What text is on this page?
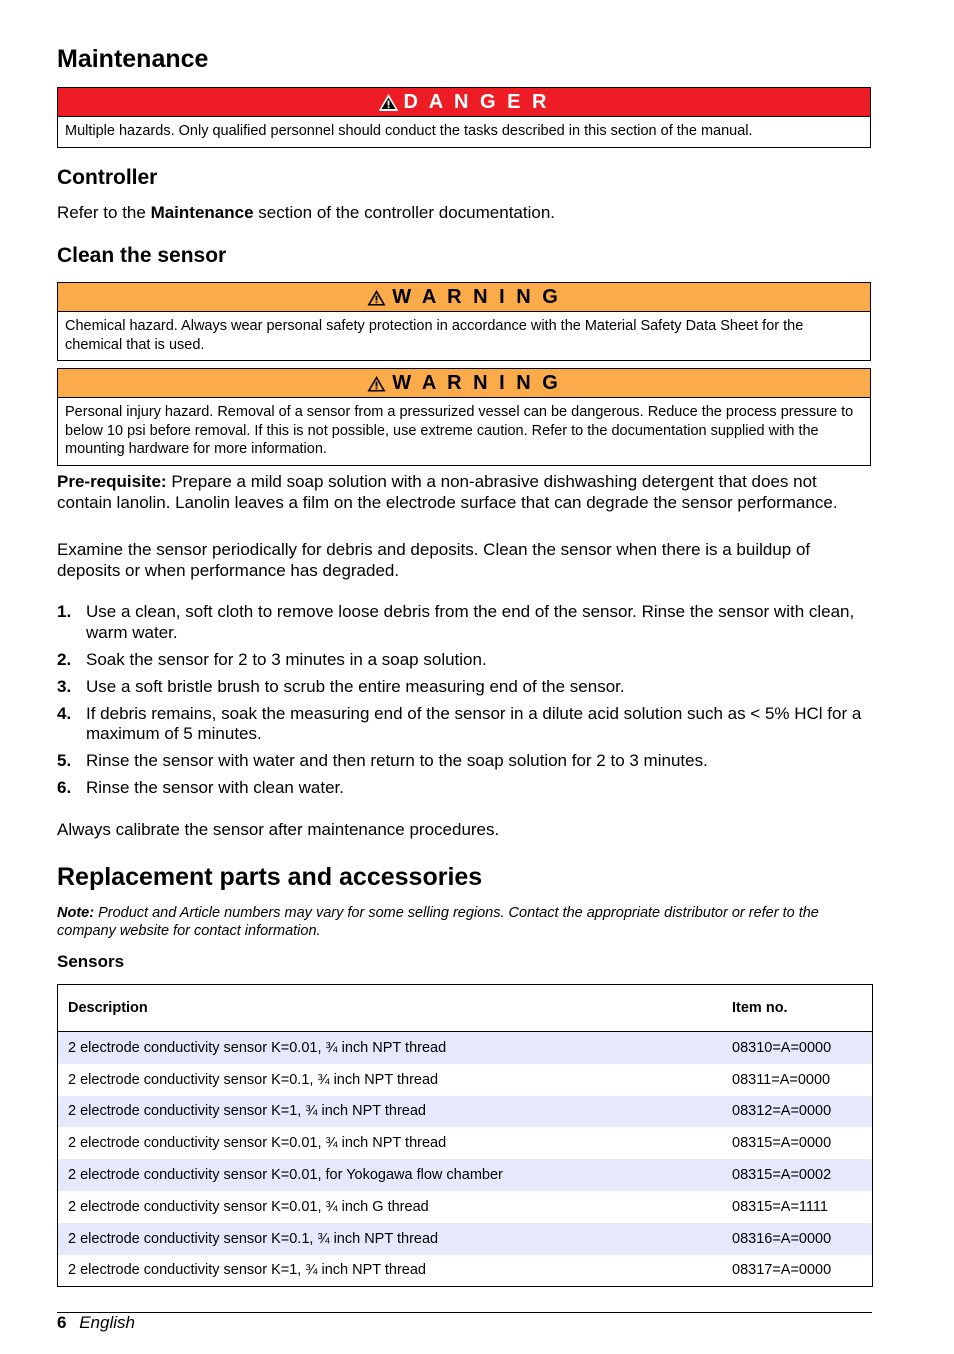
Maintenance
D A N G E R
Multiple hazards. Only qualified personnel should conduct the tasks described in this section of the manual.
Controller

Refer to the Maintenance section of the controller documentation.

Clean the sensor
W A R N I N G
Chemical hazard. Always wear personal safety protection in accordance with the Material Safety Data Sheet for the chemical that is used.
W A R N I N G
Personal injury hazard. Removal of a sensor from a pressurized vessel can be dangerous. Reduce the process pressure to below 10 psi before removal. If this is not possible, use extreme caution. Refer to the documentation supplied with the mounting hardware for more information.

Pre-requisite: Prepare a mild soap solution with a non-abrasive dishwashing detergent that does not contain lanolin. Lanolin leaves a film on the electrode surface that can degrade the sensor performance.

Examine the sensor periodically for debris and deposits. Clean the sensor when there is a buildup of deposits or when performance has degraded.

1. Use a clean, soft cloth to remove loose debris from the end of the sensor. Rinse the sensor with clean, warm water.
2. Soak the sensor for 2 to 3 minutes in a soap solution.
3. Use a soft bristle brush to scrub the entire measuring end of the sensor.
4. If debris remains, soak the measuring end of the sensor in a dilute acid solution such as < 5% HCl for a maximum of 5 minutes.
5. Rinse the sensor with water and then return to the soap solution for 2 to 3 minutes.
6. Rinse the sensor with clean water.

Always calibrate the sensor after maintenance procedures.

Replacement parts and accessories

Note: Product and Article numbers may vary for some selling regions. Contact the appropriate distributor or refer to the company website for contact information.

Sensors
Description	Item no.
2 electrode conductivity sensor K=0.01, ¾ inch NPT thread	08310=A=0000
2 electrode conductivity sensor K=0.1, ¾ inch NPT thread	08311=A=0000
2 electrode conductivity sensor K=1, ¾ inch NPT thread	08312=A=0000
2 electrode conductivity sensor K=0.01, ¾ inch NPT thread	08315=A=0000
2 electrode conductivity sensor K=0.01, for Yokogawa flow chamber	08315=A=0002
2 electrode conductivity sensor K=0.01, ¾ inch G thread	08315=A=1111
2 electrode conductivity sensor K=0.1, ¾ inch NPT thread	08316=A=0000
2 electrode conductivity sensor K=1, ¾ inch NPT thread	08317=A=0000
6 English
